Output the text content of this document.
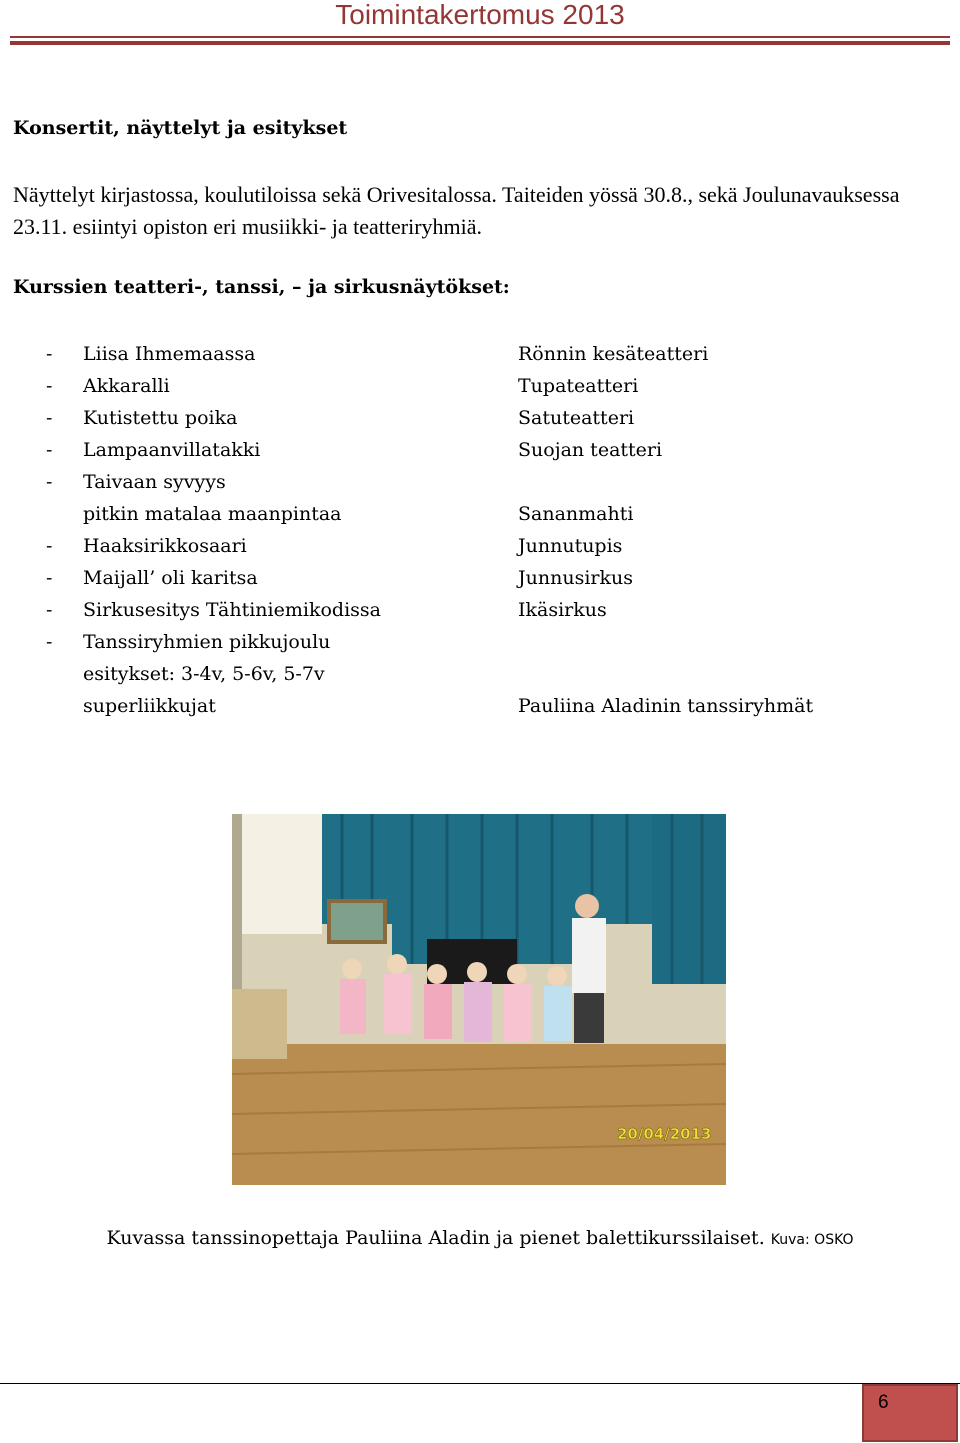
Toimintakertomus 2013
Konsertit, näyttelyt ja esitykset
Näyttelyt kirjastossa, koulutiloissa sekä Orivesitalossa. Taiteiden yössä 30.8., sekä Joulunavauksessa 23.11. esiintyi opiston eri musiikki- ja teatteriryhmiä.
Kurssien teatteri-, tanssi, – ja sirkusnäytökset:
- Liisa Ihmemaassa	Rönnin kesäteatteri
- Akkaralli	Tupateatteri
- Kutistettu poika	Satuteatteri
- Lampaanvillatakki	Suojan teatteri
- Taivaan syvyys
pitkin matalaa maanpintaa	Sananmahti
- Haaksirikkosaari	Junnutupis
- Maijall’ oli karitsa	Junnusirkus
- Sirkusesitys Tähtiniemikodissa	Ikäsirkus
- Tanssiryhmien pikkujoulu
esitykset: 3-4v, 5-6v, 5-7v
superliikkujat	Pauliina Aladinin tanssiryhmät
20/04/2013
Kuvassa tanssinopettaja Pauliina Aladin ja pienet balettikurssilaiset. Kuva: OSKO
6
